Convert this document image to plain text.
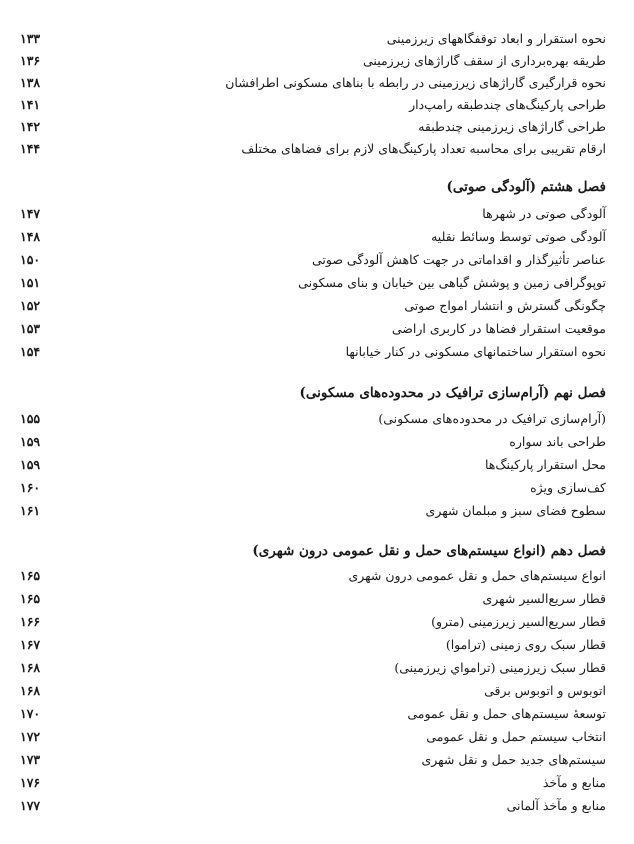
نحوه استقرار و ابعاد توقفگاههای زیرزمینی
۱۳۳
طریقه بهره‌برداری از سقف گاراژهای زیرزمینی
۱۳۶
نحوه قرارگیری گاراژهای زیرزمینی در رابطه با بناهای مسکونی اطرافشان
۱۳۸
طراحی پارکینگ‌های چندطبقه رامپ‌دار
۱۴۱
طراحی گاراژهای زیرزمینی چندطبقه
۱۴۲
ارقام تقریبی برای محاسبه تعداد پارکینگ‌های لازم برای فضاهای مختلف
۱۴۴
فصل هشتم (آلودگی صوتی)
آلودگی صوتی در شهرها
۱۴۷
آلودگی صوتی توسط وسائط نقلیه
۱۴۸
عناصر تأثیرگذار و اقداماتی در جهت کاهش آلودگی صوتی
۱۵۰
توپوگرافی زمین و پوشش گیاهی بین خیابان و بنای مسکونی
۱۵۱
چگونگی گسترش و انتشار امواج صوتی
۱۵۲
موقعیت استقرار فضاها در کاربری اراضی
۱۵۳
نحوه استقرار ساختمانهای مسکونی در کنار خیابانها
۱۵۴
فصل نهم (آرام‌سازی ترافیک در محدوده‌های مسکونی)
(آرام‌سازی ترافیک در محدوده‌های مسکونی)
۱۵۵
طراحی باند سواره
۱۵۹
محل استقرار پارکینگ‌ها
۱۵۹
کف‌سازی ویژه
۱۶۰
سطوح فضای سبز و مبلمان شهری
۱۶۱
فصل دهم (انواع سیستم‌های حمل و نقل عمومی درون شهری)
انواع سیستم‌های حمل و نقل عمومی درون شهری
۱۶۵
قطار سریع‌السیر شهری
۱۶۵
قطار سریع‌السیر زیرزمینی (مترو)
۱۶۶
قطار سبک روی زمینی (تراموا)
۱۶۷
قطار سبک زیرزمینی (ترامواي زیرزمینی)
۱۶۸
اتوبوس و اتوبوس برقی
۱۶۸
توسعهٔ سیستم‌های حمل و نقل عمومی
۱۷۰
انتخاب سیستم حمل و نقل عمومی
۱۷۲
سیستم‌های جدید حمل و نقل شهری
۱۷۳
منابع و مآخذ
۱۷۶
منابع و مآخذ آلمانی
۱۷۷
